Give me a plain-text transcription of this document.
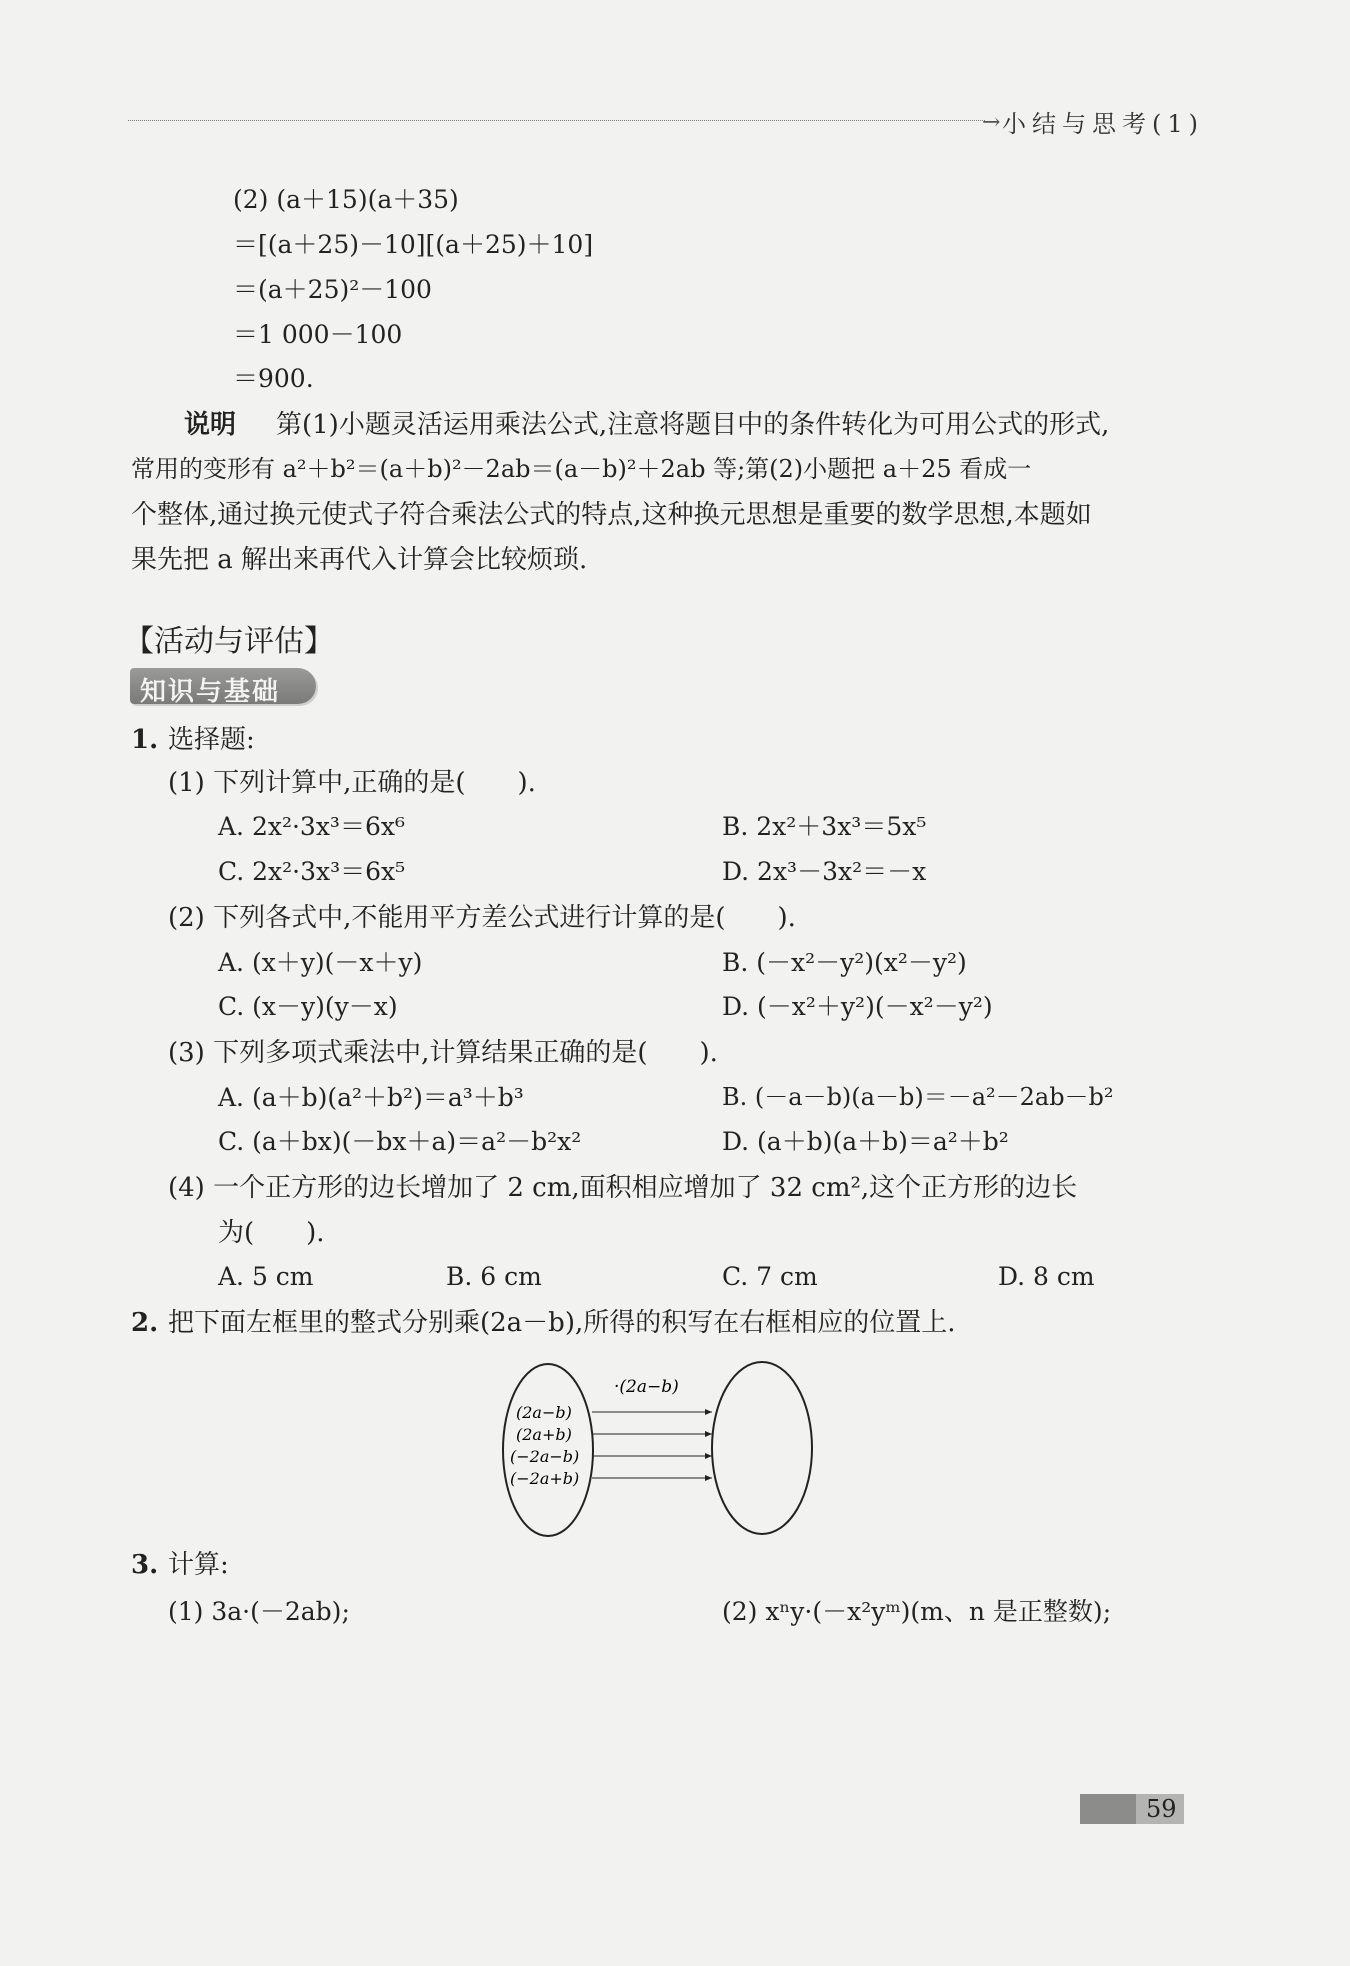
→ 小结与思考(1)
(2) (a＋15)(a＋35)
＝[(a＋25)－10][(a＋25)＋10]
＝(a＋25)²－100
＝1 000－100
＝900.
说明 第(1)小题灵活运用乘法公式,注意将题目中的条件转化为可用公式的形式,
常用的变形有 a²＋b²＝(a＋b)²－2ab＝(a－b)²＋2ab 等;第(2)小题把 a＋25 看成一
个整体,通过换元使式子符合乘法公式的特点,这种换元思想是重要的数学思想,本题如
果先把 a 解出来再代入计算会比较烦琐.
【活动与评估】
知识与基础
1. 选择题:
(1) 下列计算中,正确的是(　　).
A. 2x²·3x³＝6x⁶	B. 2x²＋3x³＝5x⁵
C. 2x²·3x³＝6x⁵	D. 2x³－3x²＝－x
(2) 下列各式中,不能用平方差公式进行计算的是(　　).
A. (x＋y)(－x＋y)	B. (－x²－y²)(x²－y²)
C. (x－y)(y－x)	D. (－x²＋y²)(－x²－y²)
(3) 下列多项式乘法中,计算结果正确的是(　　).
A. (a＋b)(a²＋b²)＝a³＋b³	B. (－a－b)(a－b)＝－a²－2ab－b²
C. (a＋bx)(－bx＋a)＝a²－b²x²	D. (a＋b)(a＋b)＝a²＋b²
(4) 一个正方形的边长增加了 2 cm,面积相应增加了 32 cm²,这个正方形的边长
为(　　).
A. 5 cm	B. 6 cm	C. 7 cm	D. 8 cm
2. 把下面左框里的整式分别乘(2a－b),所得的积写在右框相应的位置上.
·(2a−b)
(2a−b)
(2a+b)
(−2a−b)
(−2a+b)
3. 计算:
(1) 3a·(－2ab);	(2) xⁿy·(－x²yᵐ)(m、n 是正整数);
59
